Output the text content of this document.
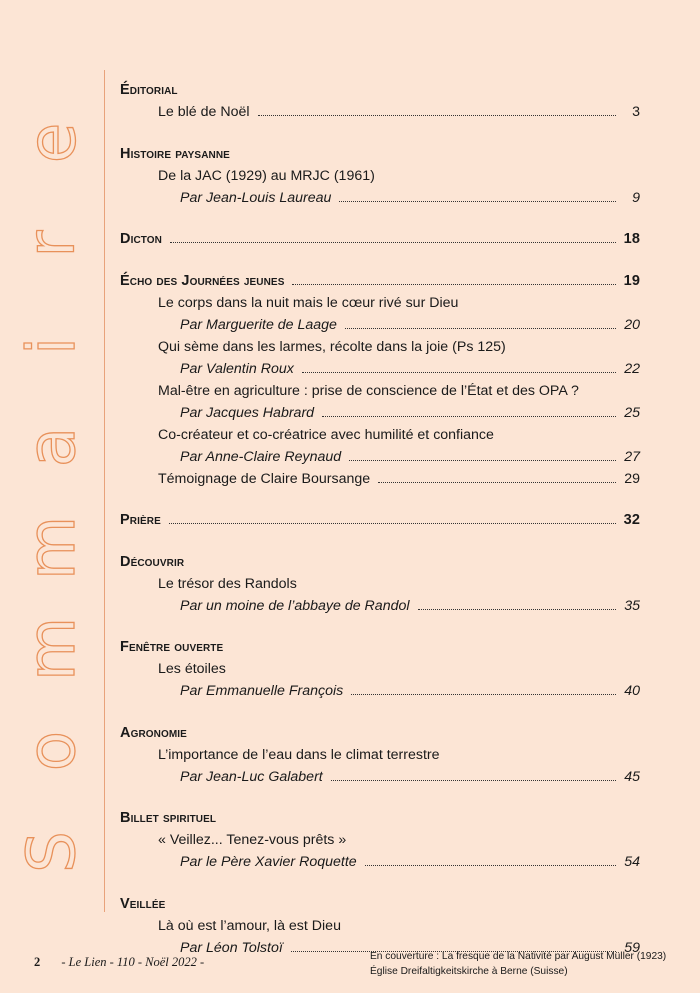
e
r
i
a
m
m
o
S
Éditorial
Le blé de Noël	3
Histoire paysanne
De la JAC (1929) au MRJC (1961)
Par Jean-Louis Laureau	9
Dicton	18
Écho des Journées jeunes	19
Le corps dans la nuit mais le cœur rivé sur Dieu
Par Marguerite de Laage	20
Qui sème dans les larmes, récolte dans la joie (Ps 125)
Par Valentin Roux	22
Mal-être en agriculture : prise de conscience de l’État et des OPA ?
Par Jacques Habrard	25
Co-créateur et co-créatrice avec humilité et confiance
Par Anne-Claire Reynaud	27
Témoignage de Claire Boursange	29
Prière	32
Découvrir
Le trésor des Randols
Par un moine de l’abbaye de Randol	35
Fenêtre ouverte
Les étoiles
Par Emmanuelle François	40
Agronomie
L’importance de l’eau dans le climat terrestre
Par Jean-Luc Galabert	45
Billet spirituel
« Veillez... Tenez-vous prêts »
Par le Père Xavier Roquette	54
Veillée
Là où est l’amour, là est Dieu
Par Léon Tolstoï	59
2 - Le Lien - 110 - Noël 2022 -	En couverture : La fresque de la Nativité par August Müller (1923)
Église Dreifaltigkeitskirche à Berne (Suisse)
